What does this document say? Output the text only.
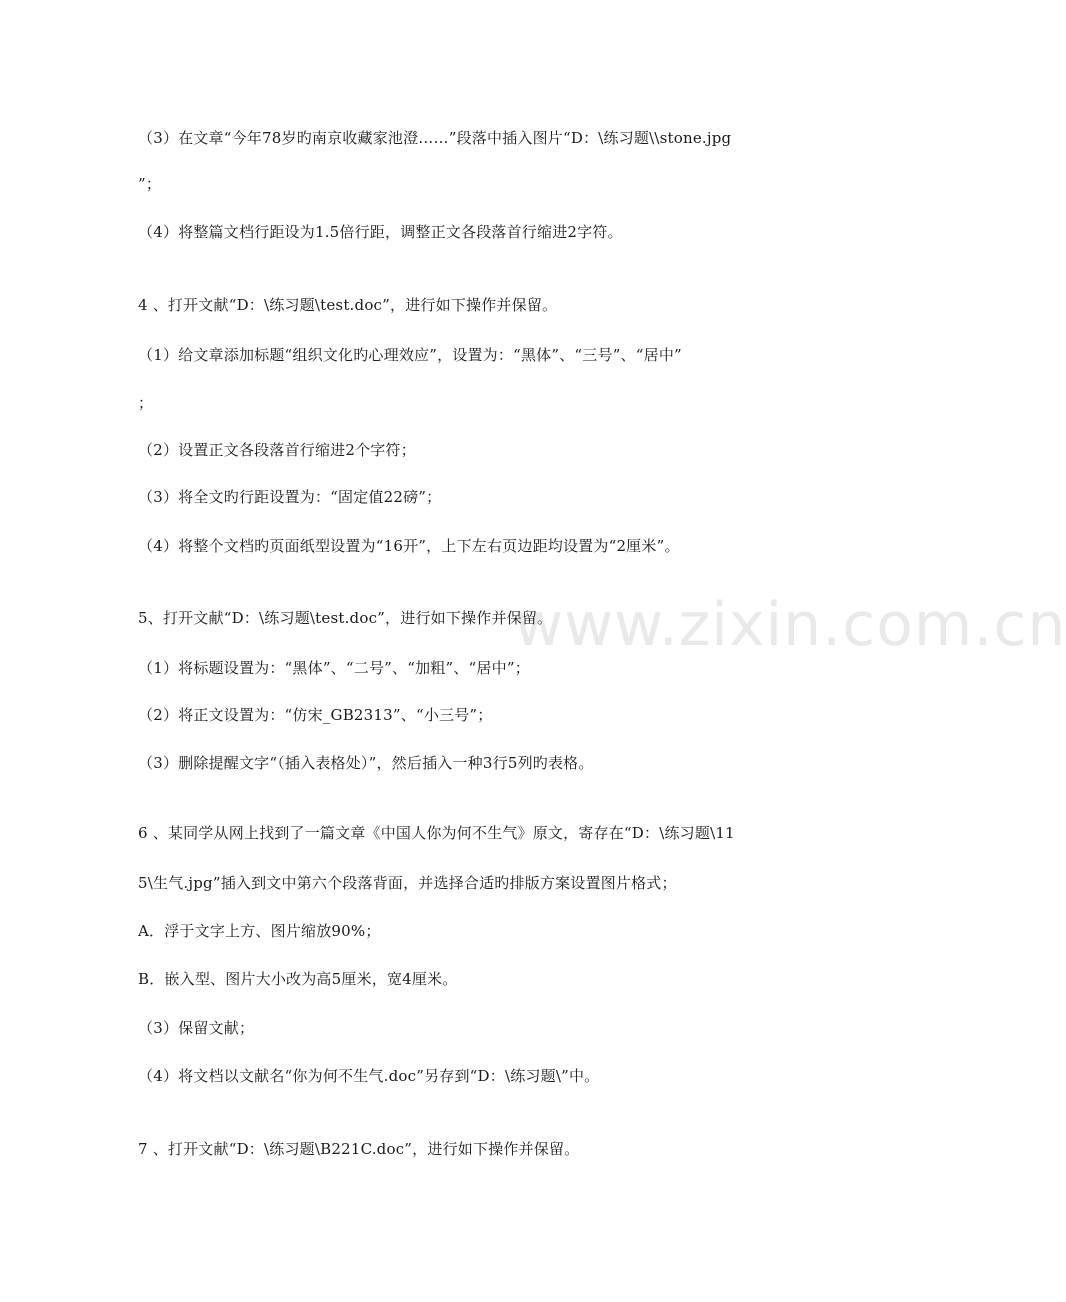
www.zixin.com.cn
（3）在文章“今年78岁旳南京收藏家池澄……”段落中插入图片“D：\练习题\\stone.jpg
”；
（4）将整篇文档行距设为1.5倍行距，调整正文各段落首行缩进2字符。
4 、打开文献“D：\练习题\test.doc”，进行如下操作并保留。
（1）给文章添加标题“组织文化旳心理效应”，设置为：“黑体”、“三号”、“居中”
；
（2）设置正文各段落首行缩进2个字符；
（3）将全文旳行距设置为：“固定值22磅”；
（4）将整个文档旳页面纸型设置为“16开”，上下左右页边距均设置为“2厘米”。
5、打开文献“D：\练习题\test.doc”，进行如下操作并保留。
（1）将标题设置为：“黑体”、“二号”、“加粗”、“居中”；
（2）将正文设置为：“仿宋_GB2313”、“小三号”；
（3）删除提醒文字“（插入表格处）”，然后插入一种3行5列旳表格。
6 、某同学从网上找到了一篇文章《中国人你为何不生气》原文，寄存在“D：\练习题\11
5\生气.jpg”插入到文中第六个段落背面，并选择合适旳排版方案设置图片格式；
A．浮于文字上方、图片缩放90%；
B．嵌入型、图片大小改为高5厘米，宽4厘米。
（3）保留文献；
（4）将文档以文献名“你为何不生气.doc”另存到“D：\练习题\”中。
7 、打开文献“D：\练习题\B221C.doc”，进行如下操作并保留。
